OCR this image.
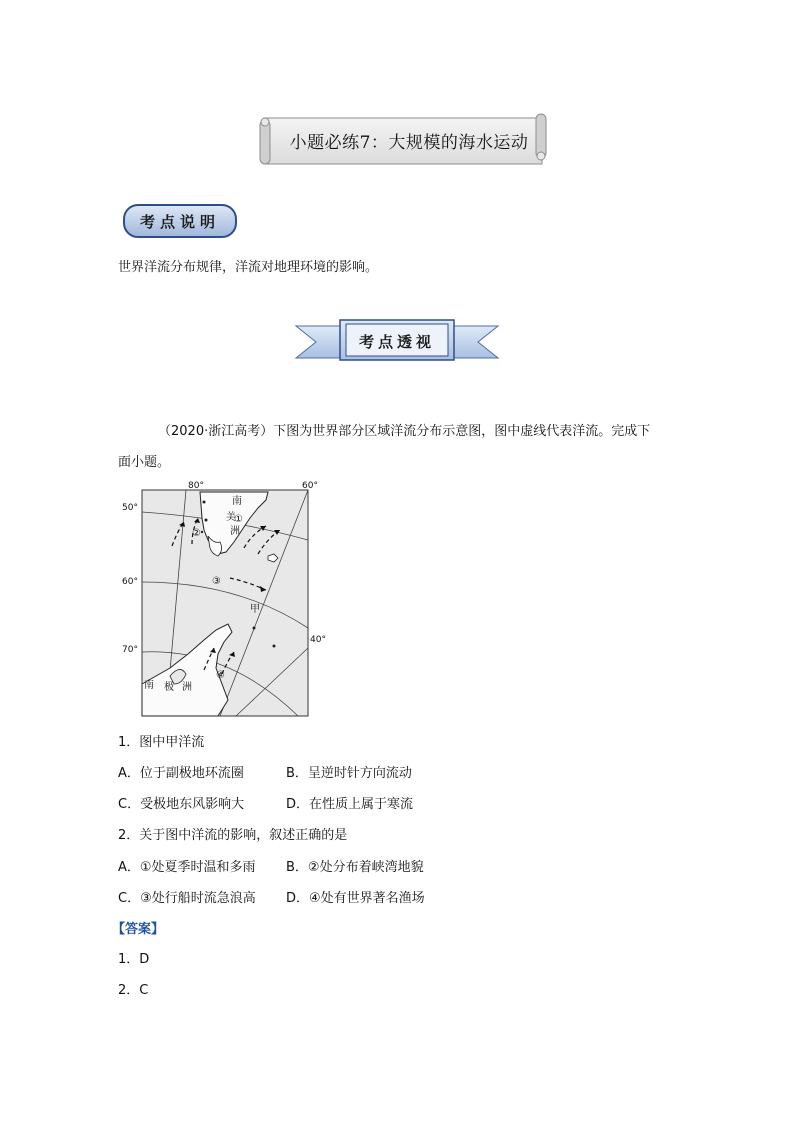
小题必练7：大规模的海水运动
考点说明
世界洋流分布规律，洋流对地理环境的影响。
考点透视
（2020·浙江高考）下图为世界部分区域洋流分布示意图，图中虚线代表洋流。完成下
面小题。
80°	60°
40°
50°
60°
70°
南
美
洲
甲
南 极 洲
①
②
③
④
1．图中甲洋流
A．位于副极地环流圈	B．呈逆时针方向流动
C．受极地东风影响大	D．在性质上属于寒流
2．关于图中洋流的影响，叙述正确的是
A．①处夏季时温和多雨 B．②处分布着峡湾地貌
C．③处行船时流急浪高 D．④处有世界著名渔场
【答案】
1．D
2．C
